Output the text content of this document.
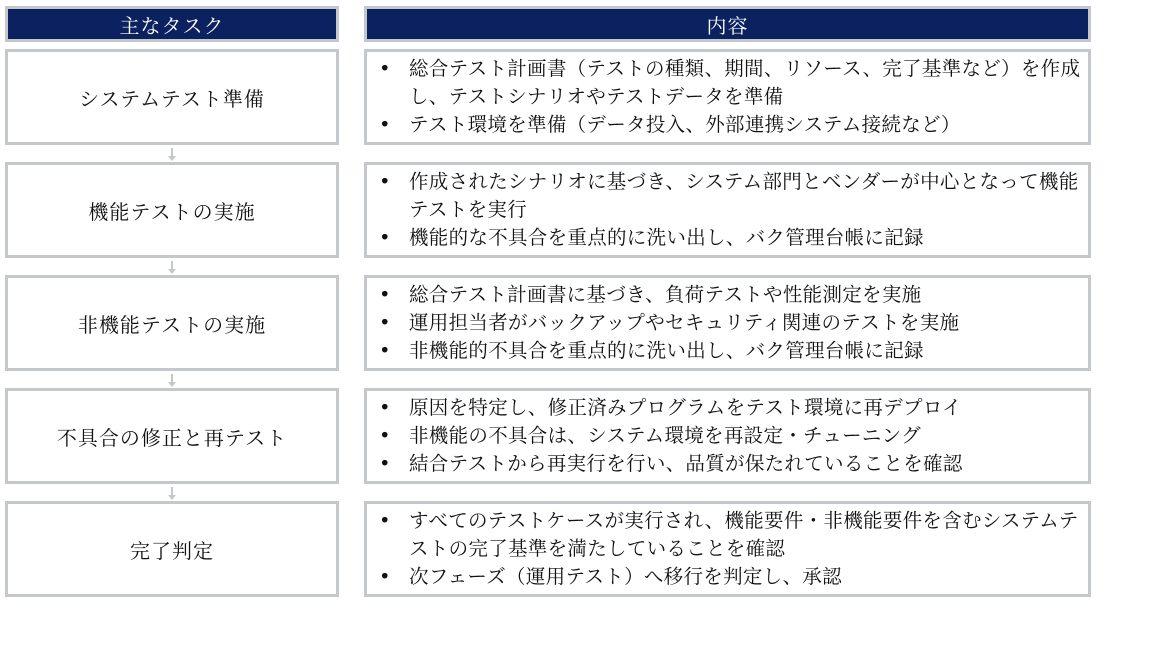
主なタスク	内容
システムテスト準備
• 総合テスト計画書（テストの種類、期間、リソース、完了基準など）を作成し、テストシナリオやテストデータを準備
• テスト環境を準備（データ投入、外部連携システム接続など）
機能テストの実施
• 作成されたシナリオに基づき、システム部門とベンダーが中心となって機能テストを実行
• 機能的な不具合を重点的に洗い出し、バク管理台帳に記録
非機能テストの実施
• 総合テスト計画書に基づき、負荷テストや性能測定を実施
• 運用担当者がバックアップやセキュリティ関連のテストを実施
• 非機能的不具合を重点的に洗い出し、バク管理台帳に記録
不具合の修正と再テスト
• 原因を特定し、修正済みプログラムをテスト環境に再デプロイ
• 非機能の不具合は、システム環境を再設定・チューニング
• 結合テストから再実行を行い、品質が保たれていることを確認
完了判定
• すべてのテストケースが実行され、機能要件・非機能要件を含むシステムテストの完了基準を満たしていることを確認
• 次フェーズ（運用テスト）へ移行を判定し、承認
